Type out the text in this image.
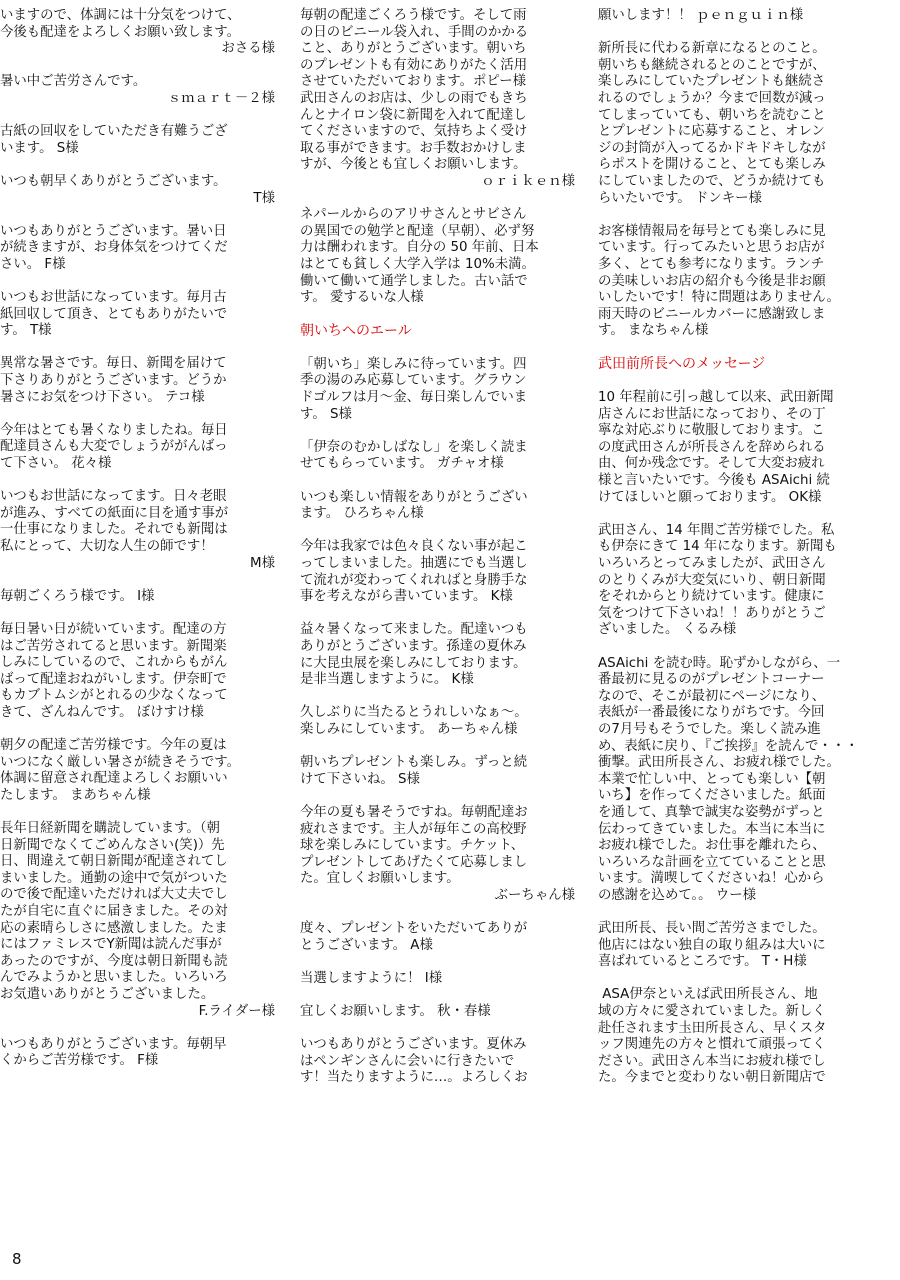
いますので、体調には十分気をつけて、
今後も配達をよろしくお願い致します。
おさる様
暑い中ご苦労さんです。
ｓｍａｒｔ－２様
古紙の回収をしていただき有難うござ
います。 S様
いつも朝早くありがとうございます。
T様
いつもありがとうございます。暑い日
が続きますが、お身体気をつけてくだ
さい。 F様
いつもお世話になっています。毎月古
紙回収して頂き、とてもありがたいで
す。 T様
異常な暑さです。毎日、新聞を届けて
下さりありがとうございます。どうか
暑さにお気をつけ下さい。 テコ様
今年はとても暑くなりましたね。毎日
配達員さんも大変でしょうががんばっ
て下さい。 花々様
いつもお世話になってます。日々老眼
が進み、すべての紙面に目を通す事が
一仕事になりました。それでも新聞は
私にとって、大切な人生の師です！
M様
毎朝ごくろう様です。 I様
毎日暑い日が続いています。配達の方
はご苦労されてると思います。新聞楽
しみにしているので、これからもがん
ばって配達おねがいします。伊奈町で
もカブトムシがとれるの少なくなって
きて、ざんねんです。 ぼけすけ様
朝夕の配達ご苦労様です。今年の夏は
いつになく厳しい暑さが続きそうです。
体調に留意され配達よろしくお願いい
たします。 まあちゃん様
長年日経新聞を購読しています。（朝
日新聞でなくてごめんなさい(笑)）先
日、間違えて朝日新聞が配達されてし
まいました。通勤の途中で気がついた
ので後で配達いただければ大丈夫でし
たが自宅に直ぐに届きました。その対
応の素晴らしさに感激しました。たま
にはファミレスでY新聞は読んだ事が
あったのですが、今度は朝日新聞も読
んでみようかと思いました。いろいろ
お気遣いありがとうございました。
F.ライダー様
いつもありがとうございます。毎朝早
くからご苦労様です。 F様
毎朝の配達ごくろう様です。そして雨
の日のビニール袋入れ、手間のかかる
こと、ありがとうございます。朝いち
のプレゼントも有効にありがたく活用
させていただいております。ポピー様
武田さんのお店は、少しの雨でもきち
んとナイロン袋に新聞を入れて配達し
てくださいますので、気持ちよく受け
取る事ができます。お手数おかけしま
すが、今後とも宜しくお願いします。
ｏｒｉｋｅｎ様
ネパールからのアリサさんとサビさん
の異国での勉学と配達（早朝）、必ず努
力は酬われます。自分の 50 年前、日本
はとても貧しく大学入学は 10%未満。
働いて働いて通学しました。古い話で
す。 愛するいな人様
朝いちへのエール
「朝いち」楽しみに待っています。四
季の湯のみ応募しています。グラウン
ドゴルフは月～金、毎日楽しんでいま
す。 S様
「伊奈のむかしばなし」を楽しく読ま
せてもらっています。 ガチャオ様
いつも楽しい情報をありがとうござい
ます。 ひろちゃん様
今年は我家では色々良くない事が起こ
ってしまいました。抽選にでも当選し
て流れが変わってくれればと身勝手な
事を考えながら書いています。 K様
益々暑くなって来ました。配達いつも
ありがとうございます。孫達の夏休み
に大昆虫展を楽しみにしております。
是非当選しますように。 K様
久しぶりに当たるとうれしいなぁ～。
楽しみにしています。 あーちゃん様
朝いちプレゼントも楽しみ。ずっと続
けて下さいね。 S様
今年の夏も暑そうですね。毎朝配達お
疲れさまです。主人が毎年この高校野
球を楽しみにしています。チケット、
プレゼントしてあげたくて応募しまし
た。宜しくお願いします。
ぶーちゃん様
度々、プレゼントをいただいてありが
とうございます。 A様
当選しますように！ I様
宜しくお願いします。 秋・春様
いつもありがとうございます。夏休み
はペンギンさんに会いに行きたいで
す！当たりますように…。よろしくお
願いします！！ ｐｅｎｇｕｉｎ様
新所長に代わる新章になるとのこと。
朝いちも継続されるとのことですが、
楽しみにしていたプレゼントも継続さ
れるのでしょうか？今まで回数が減っ
てしまっていても、朝いちを読むこと
とプレゼントに応募すること、オレン
ジの封筒が入ってるかドキドキしなが
らポストを開けること、とても楽しみ
にしていましたので、どうか続けても
らいたいです。 ドンキー様
お客様情報局を毎号とても楽しみに見
ています。行ってみたいと思うお店が
多く、とても参考になります。ランチ
の美味しいお店の紹介も今後是非お願
いしたいです！特に問題はありません。
雨天時のビニールカバーに感謝致しま
す。 まなちゃん様
武田前所長へのメッセージ
10 年程前に引っ越して以来、武田新聞
店さんにお世話になっており、その丁
寧な対応ぶりに敬服しております。こ
の度武田さんが所長さんを辞められる
由、何か残念です。そして大変お疲れ
様と言いたいです。今後も ASAichi 続
けてほしいと願っております。 OK様
武田さん、14 年間ご苦労様でした。私
も伊奈にきて 14 年になります。新聞も
いろいろとってみましたが、武田さん
のとりくみが大変気にいり、朝日新聞
をそれからとり続けています。健康に
気をつけて下さいね！！ありがとうご
ざいました。 くるみ様
ASAichi を読む時。恥ずかしながら、一
番最初に見るのがプレゼントコーナー
なので、そこが最初にページになり、
表紙が一番最後になりがちです。今回
の7月号もそうでした。楽しく読み進
め、表紙に戻り、『ご挨拶』を読んで・・・
衝撃。武田所長さん、お疲れ様でした。
本業で忙しい中、とっても楽しい【朝
いち】を作ってくださいました。紙面
を通して、真摯で誠実な姿勢がずっと
伝わってきていました。本当に本当に
お疲れ様でした。お仕事を離れたら、
いろいろな計画を立てていることと思
います。満喫してくださいね！心から
の感謝を込めて。。 ウー様
武田所長、長い間ご苦労さまでした。
他店にはない独自の取り組みは大いに
喜ばれているところです。 T・H様
ASA伊奈といえば武田所長さん、地
域の方々に愛されていました。新しく
赴任されます圡田所長さん、早くスタ
ッフ関連先の方々と慣れて頑張ってく
ださい。武田さん本当にお疲れ様でし
た。今までと変わりない朝日新聞店で
8
